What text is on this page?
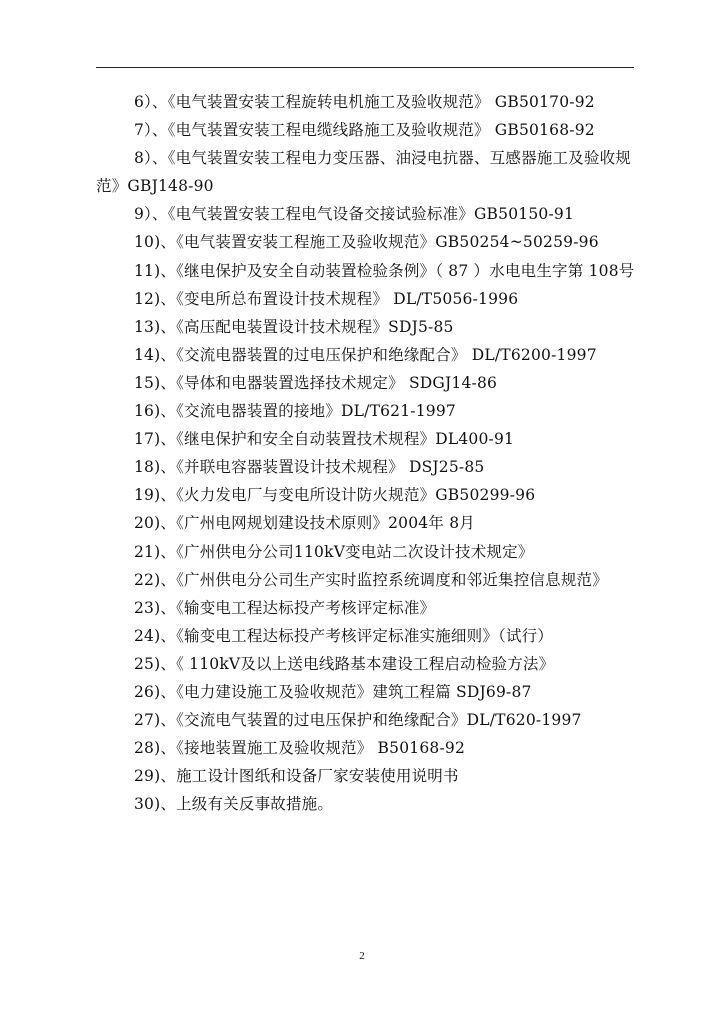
6）、《电气装置安装工程旋转电机施工及验收规范》 GB50170-92

7）、《电气装置安装工程电缆线路施工及验收规范》 GB50168-92

8）、《电气装置安装工程电力变压器、油浸电抗器、互感器施工及验收规范》GBJ148-90

9）、《电气装置安装工程电气设备交接试验标准》GB50150-91

10)、《电气装置安装工程施工及验收规范》GB50254~50259-96

11)、《继电保护及安全自动装置检验条例》（ 87 ）水电电生字第 108号

12)、《变电所总布置设计技术规程》 DL/T5056-1996

13)、《高压配电装置设计技术规程》SDJ5-85

14)、《交流电器装置的过电压保护和绝缘配合》 DL/T6200-1997

15)、《导体和电器装置选择技术规定》 SDGJ14-86

16)、《交流电器装置的接地》DL/T621-1997

17)、《继电保护和安全自动装置技术规程》DL400-91

18)、《并联电容器装置设计技术规程》 DSJ25-85

19)、《火力发电厂与变电所设计防火规范》GB50299-96

20)、《广州电网规划建设技术原则》2004年 8月

21)、《广州供电分公司110kV变电站二次设计技术规定》

22)、《广州供电分公司生产实时监控系统调度和邻近集控信息规范》

23)、《输变电工程达标投产考核评定标准》

24)、《输变电工程达标投产考核评定标准实施细则》（试行）

25)、《 110kV及以上送电线路基本建设工程启动检验方法》

26)、《电力建设施工及验收规范》建筑工程篇 SDJ69-87

27)、《交流电气装置的过电压保护和绝缘配合》DL/T620-1997

28)、《接地装置施工及验收规范》 B50168-92

29)、施工设计图纸和设备厂家安装使用说明书

30)、上级有关反事故措施。

2
